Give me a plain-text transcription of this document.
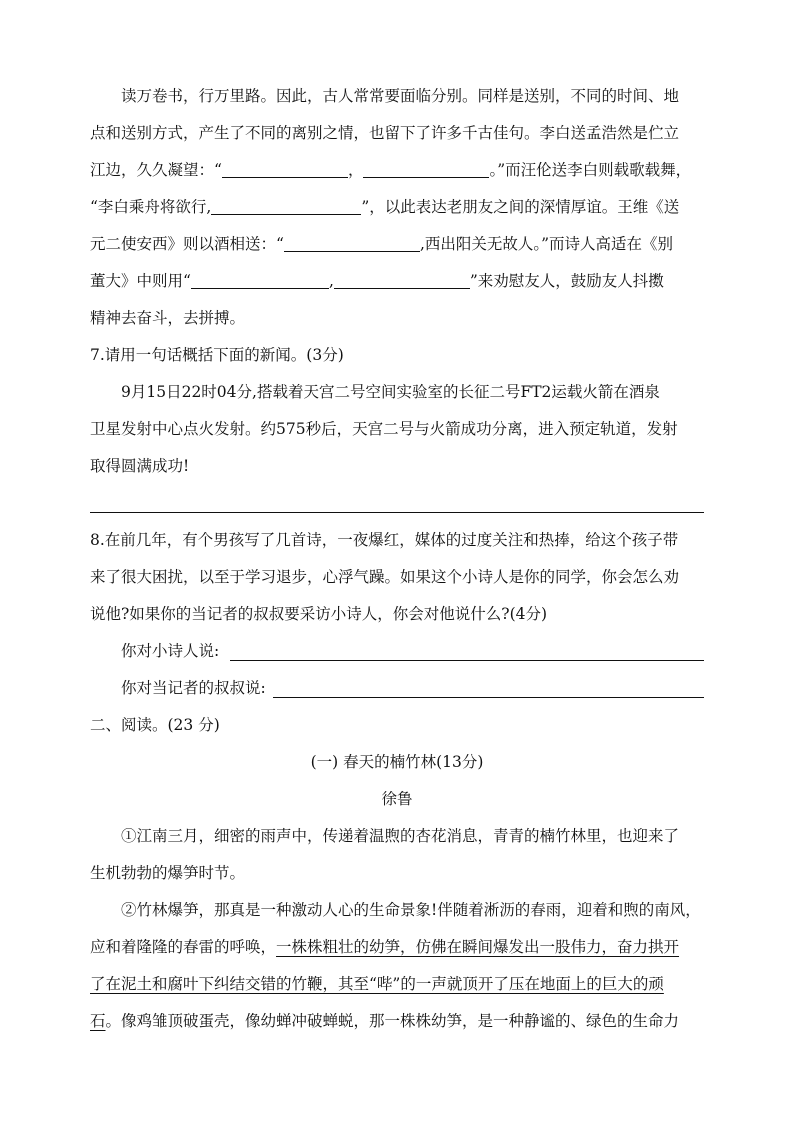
读万卷书，行万里路。因此，古人常常要面临分别。同样是送别，不同的时间、地
点和送别方式，产生了不同的离别之情，也留下了许多千古佳句。李白送孟浩然是伫立
江边，久久凝望：“	，	。”而汪伦送李白则载歌载舞，
“李白乘舟将欲行,	”，以此表达老朋友之间的深情厚谊。王维《送
元二使安西》则以酒相送：“	,西出阳关无故人。”而诗人高适在《别
董大》中则用“	,	”来劝慰友人，鼓励友人抖擞
精神去奋斗，去拼搏。
7.请用一句话概括下面的新闻。(3分)
9月15日22时04分,搭载着天宫二号空间实验室的长征二号FT2运载火箭在酒泉
卫星发射中心点火发射。约575秒后，天宫二号与火箭成功分离，进入预定轨道，发射
取得圆满成功!
8.在前几年，有个男孩写了几首诗，一夜爆红，媒体的过度关注和热捧，给这个孩子带
来了很大困扰，以至于学习退步，心浮气躁。如果这个小诗人是你的同学，你会怎么劝
说他?如果你的当记者的叔叔要采访小诗人，你会对他说什么?(4分)
你对小诗人说:
你对当记者的叔叔说:
二、阅读。(23 分)
(一) 春天的楠竹林(13分)
徐鲁
①江南三月，细密的雨声中，传递着温煦的杏花消息，青青的楠竹林里，也迎来了
生机勃勃的爆笋时节。
②竹林爆笋，那真是一种激动人心的生命景象!伴随着淅沥的春雨，迎着和煦的南风，
应和着隆隆的春雷的呼唤，一株株粗壮的幼笋，仿佛在瞬间爆发出一股伟力，奋力拱开
了在泥土和腐叶下纠结交错的竹鞭，其至“哔”的一声就顶开了压在地面上的巨大的顽
石。像鸡雏顶破蛋壳，像幼蝉冲破蝉蜕，那一株株幼笋，是一种静谧的、绿色的生命力
